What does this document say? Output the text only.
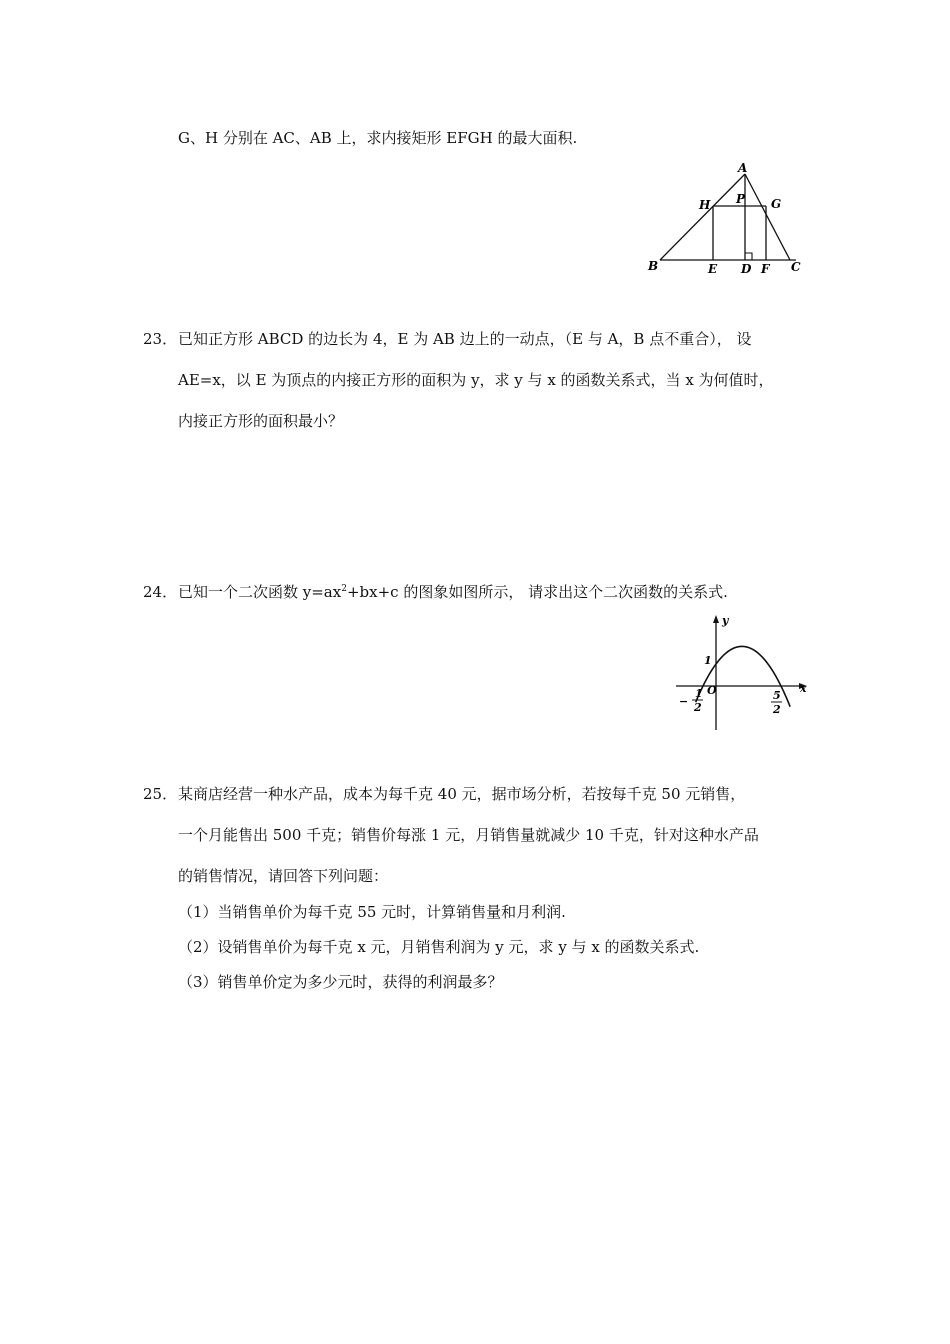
G、H 分别在 AC、AB 上，求内接矩形 EFGH 的最大面积.
A
H P G
B	E D F C
23． 已知正方形 ABCD 的边长为 4，E 为 AB 边上的一动点，（E 与 A，B 点不重合）， 设
AE=x，以 E 为顶点的内接正方形的面积为 y，求 y 与 x 的函数关系式，当 x 为何值时，
内接正方形的面积最小？
24． 已知一个二次函数 $y=ax^2+bx+c$ 的图象如图所示， 请求出这个二次函数的关系式.
x
y
O
1
−
1
2
5
2
25． 某商店经营一种水产品，成本为每千克 40 元，据市场分析，若按每千克 50 元销售，
一个月能售出 500 千克；销售价每涨 1 元，月销售量就减少 10 千克，针对这种水产品
的销售情况，请回答下列问题：
（1）当销售单价为每千克 55 元时，计算销售量和月利润.
（2）设销售单价为每千克 x 元，月销售利润为 y 元，求 y 与 x 的函数关系式.
（3）销售单价定为多少元时，获得的利润最多？
